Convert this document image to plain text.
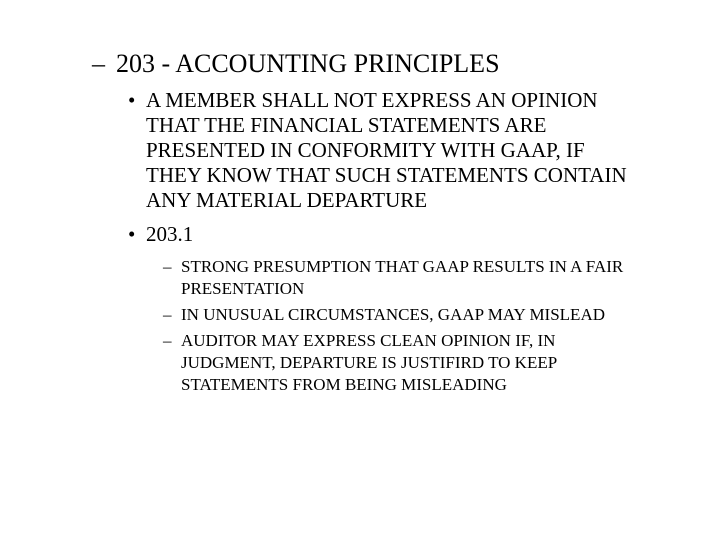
– 203 - ACCOUNTING PRINCIPLES
• A MEMBER SHALL NOT EXPRESS AN OPINION THAT THE FINANCIAL STATEMENTS ARE PRESENTED IN CONFORMITY WITH GAAP, IF THEY KNOW THAT SUCH STATEMENTS CONTAIN ANY MATERIAL DEPARTURE
• 203.1
– STRONG PRESUMPTION THAT GAAP RESULTS IN A FAIR PRESENTATION
– IN UNUSUAL CIRCUMSTANCES, GAAP MAY MISLEAD
– AUDITOR MAY EXPRESS CLEAN OPINION IF, IN JUDGMENT, DEPARTURE IS JUSTIFIRD TO KEEP STATEMENTS FROM BEING MISLEADING
